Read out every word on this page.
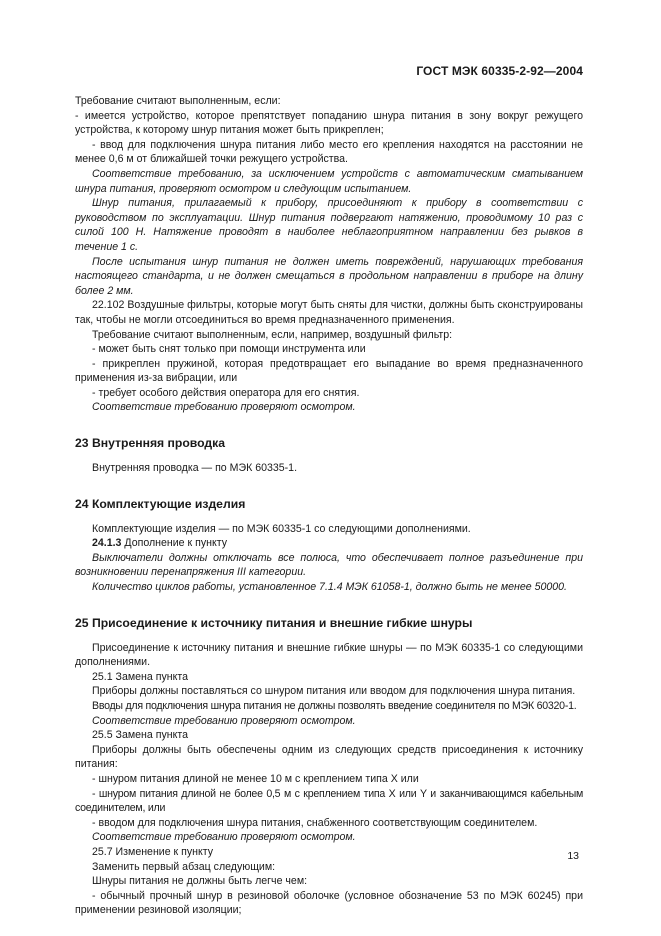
ГОСТ МЭК 60335-2-92—2004

Требование считают выполненным, если:

- имеется устройство, которое препятствует попаданию шнура питания в зону вокруг режущего устройства, к которому шнур питания может быть прикреплен;

- ввод для подключения шнура питания либо место его крепления находятся на расстоянии не менее 0,6 м от ближайшей точки режущего устройства.

Соответствие требованию, за исключением устройств с автоматическим сматыванием шнура питания, проверяют осмотром и следующим испытанием.

Шнур питания, прилагаемый к прибору, присоединяют к прибору в соответствии с руководством по эксплуатации. Шнур питания подвергают натяжению, проводимому 10 раз с силой 100 Н. Натяжение проводят в наиболее неблагоприятном направлении без рывков в течение 1 с.

После испытания шнур питания не должен иметь повреждений, нарушающих требования настоящего стандарта, и не должен смещаться в продольном направлении в приборе на длину более 2 мм.

22.102 Воздушные фильтры, которые могут быть сняты для чистки, должны быть сконструированы так, чтобы не могли отсоединиться во время предназначенного применения.

Требование считают выполненным, если, например, воздушный фильтр:

- может быть снят только при помощи инструмента или

- прикреплен пружиной, которая предотвращает его выпадание во время предназначенного применения из-за вибрации, или

- требует особого действия оператора для его снятия.

Соответствие требованию проверяют осмотром.

23 Внутренняя проводка

Внутренняя проводка — по МЭК 60335-1.

24 Комплектующие изделия

Комплектующие изделия — по МЭК 60335-1 со следующими дополнениями.

24.1.3 Дополнение к пункту

Выключатели должны отключать все полюса, что обеспечивает полное разъединение при возникновении перенапряжения III категории.

Количество циклов работы, установленное 7.1.4 МЭК 61058-1, должно быть не менее 50000.

25 Присоединение к источнику питания и внешние гибкие шнуры

Присоединение к источнику питания и внешние гибкие шнуры — по МЭК 60335-1 со следующими дополнениями.

25.1 Замена пункта

Приборы должны поставляться со шнуром питания или вводом для подключения шнура питания.

Вводы для подключения шнура питания не должны позволять введение соединителя по МЭК 60320-1.

Соответствие требованию проверяют осмотром.

25.5 Замена пункта

Приборы должны быть обеспечены одним из следующих средств присоединения к источнику питания:

- шнуром питания длиной не менее 10 м с креплением типа X или

- шнуром питания длиной не более 0,5 м с креплением типа X или Y и заканчивающимся кабельным соединителем, или

- вводом для подключения шнура питания, снабженного соответствующим соединителем.

Соответствие требованию проверяют осмотром.

25.7 Изменение к пункту

Заменить первый абзац следующим:

Шнуры питания не должны быть легче чем:

- обычный прочный шнур в резиновой оболочке (условное обозначение 53 по МЭК 60245) при применении резиновой изоляции;

13
